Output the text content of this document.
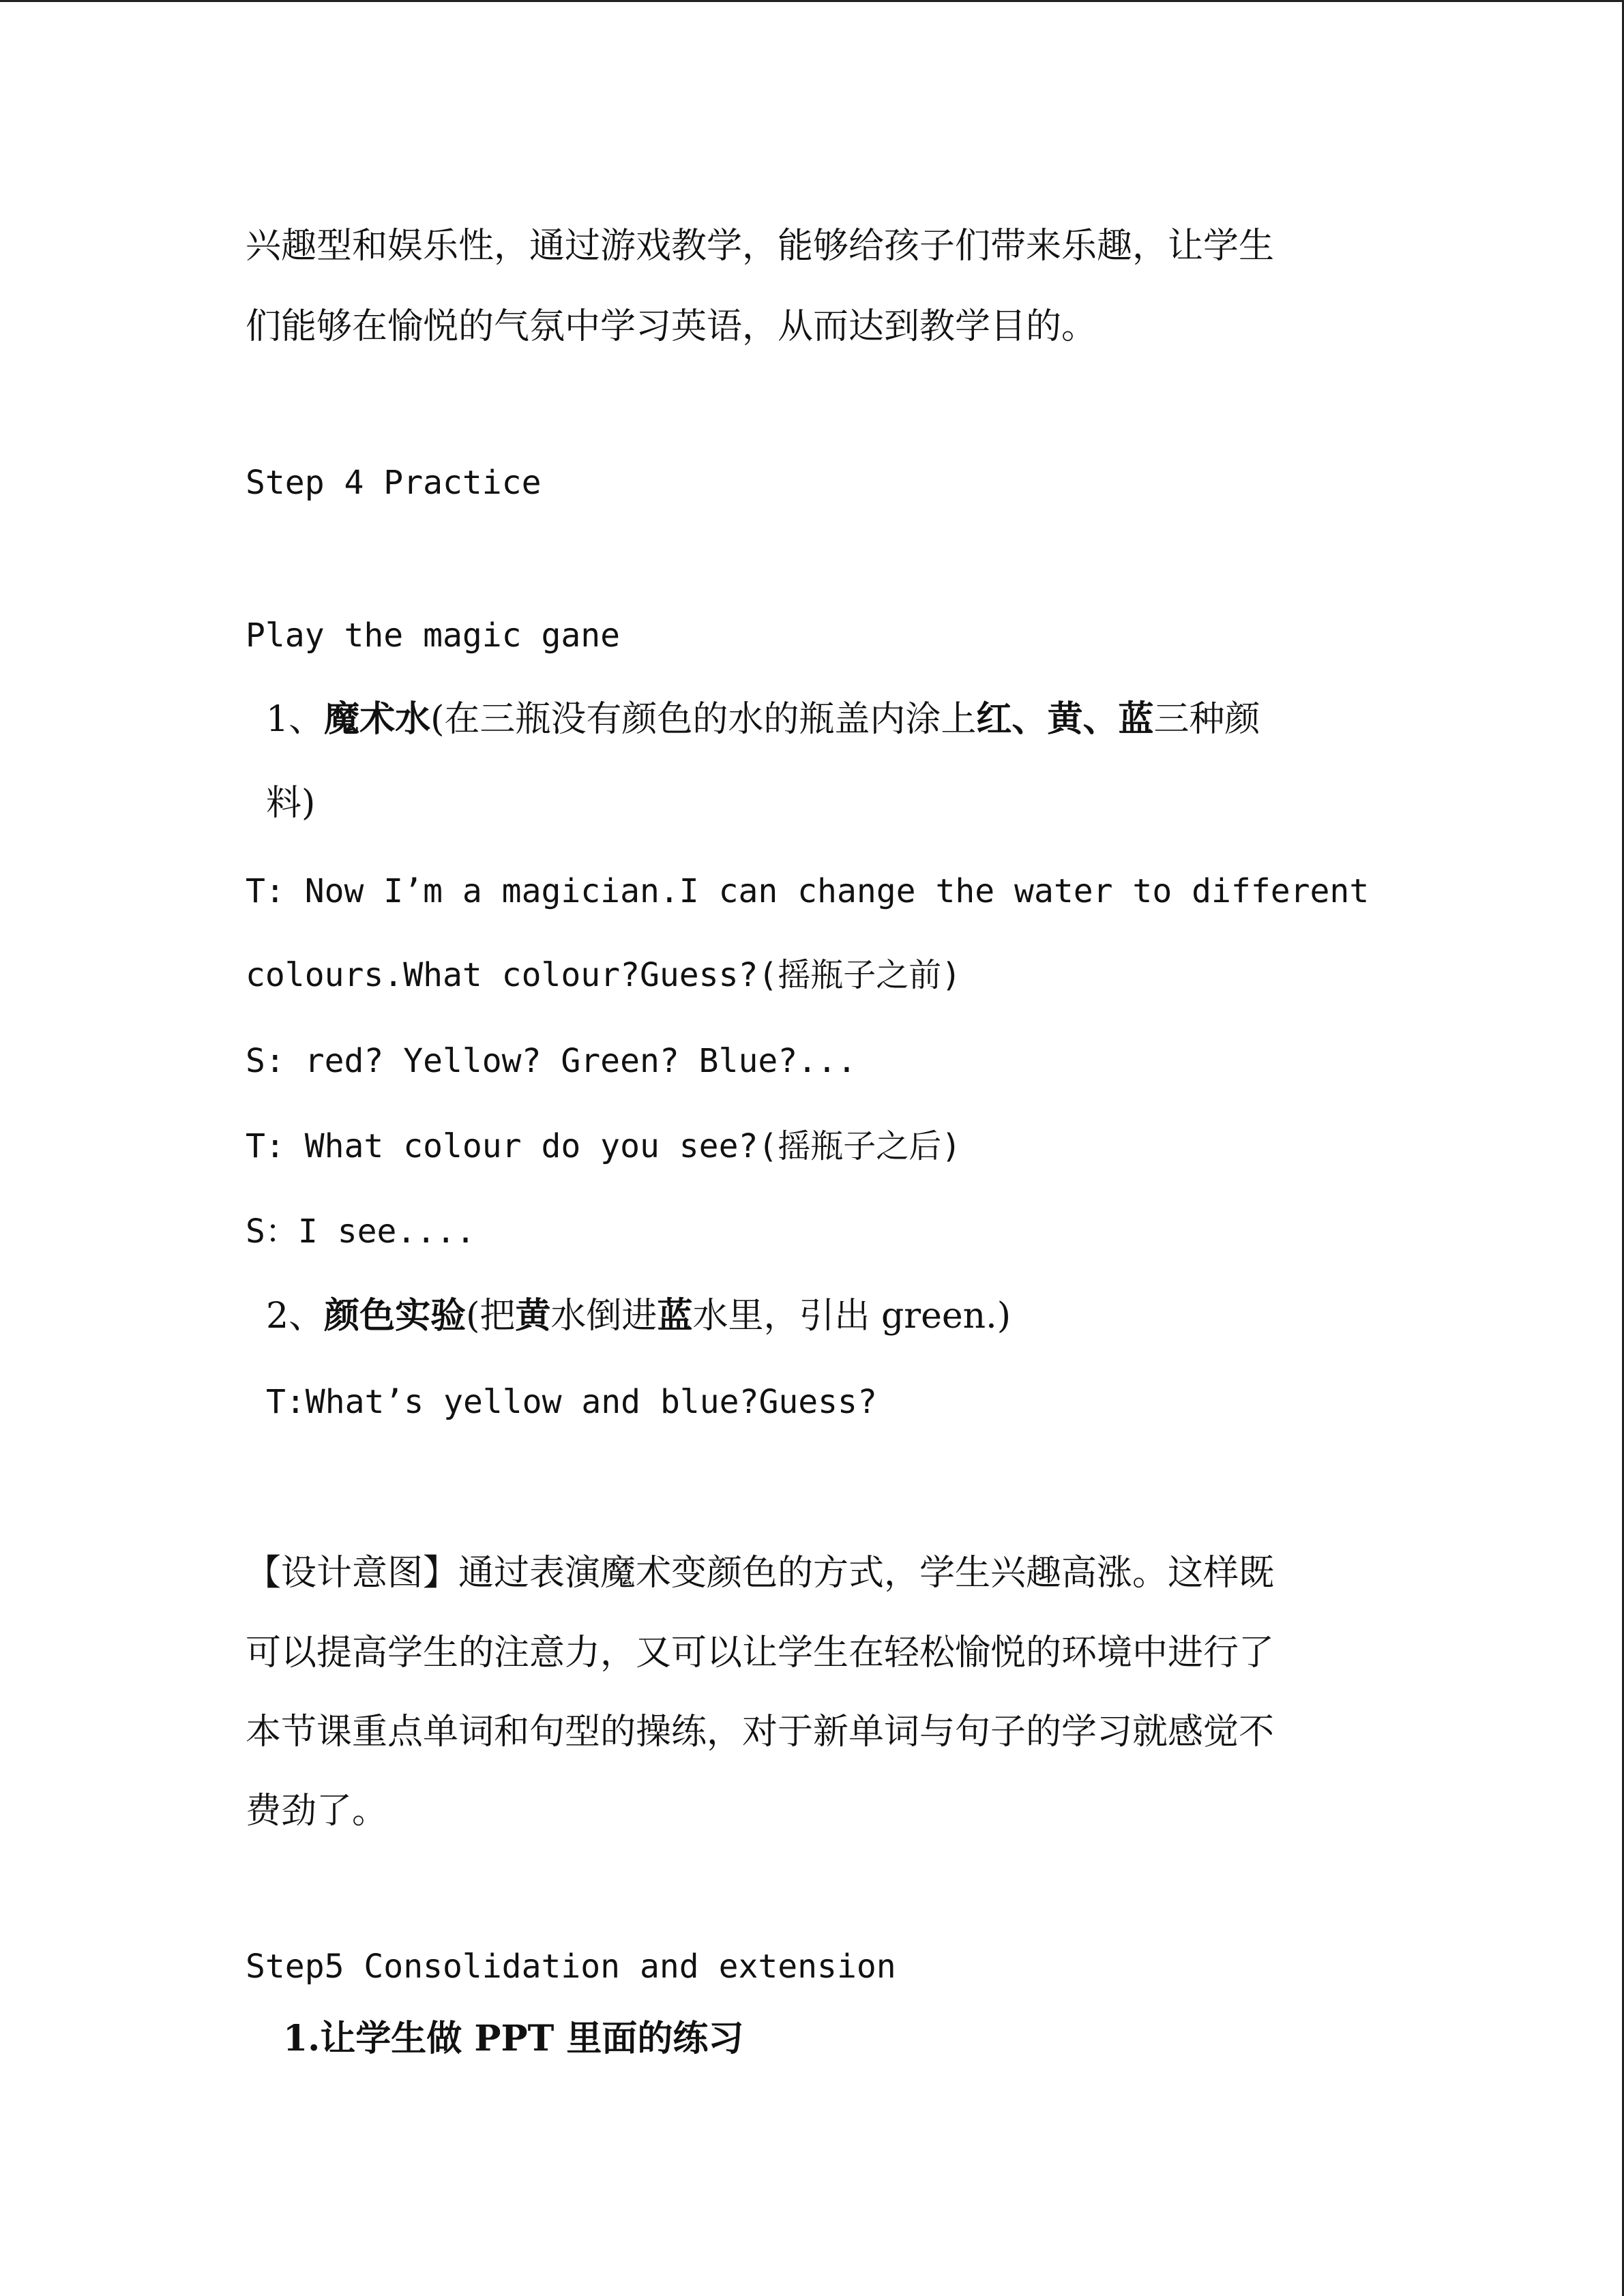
兴趣型和娱乐性，通过游戏教学，能够给孩子们带来乐趣，让学生
们能够在愉悦的气氛中学习英语，从而达到教学目的。
Step 4 Practice
Play the magic gane
1、魔术水(在三瓶没有颜色的水的瓶盖内涂上红、黄、蓝三种颜
料)
T: Now I’m a magician.I can change the water to different
colours.What colour?Guess?(摇瓶子之前)
S: red? Yellow? Green? Blue?...
T: What colour do you see?(摇瓶子之后)
S：I see....
2、颜色实验(把黄水倒进蓝水里，引出 green.)
T:What’s yellow and blue?Guess?
【设计意图】通过表演魔术变颜色的方式，学生兴趣高涨。这样既
可以提高学生的注意力，又可以让学生在轻松愉悦的环境中进行了
本节课重点单词和句型的操练，对于新单词与句子的学习就感觉不
费劲了。
Step5 Consolidation and extension
1.让学生做 PPT 里面的练习
